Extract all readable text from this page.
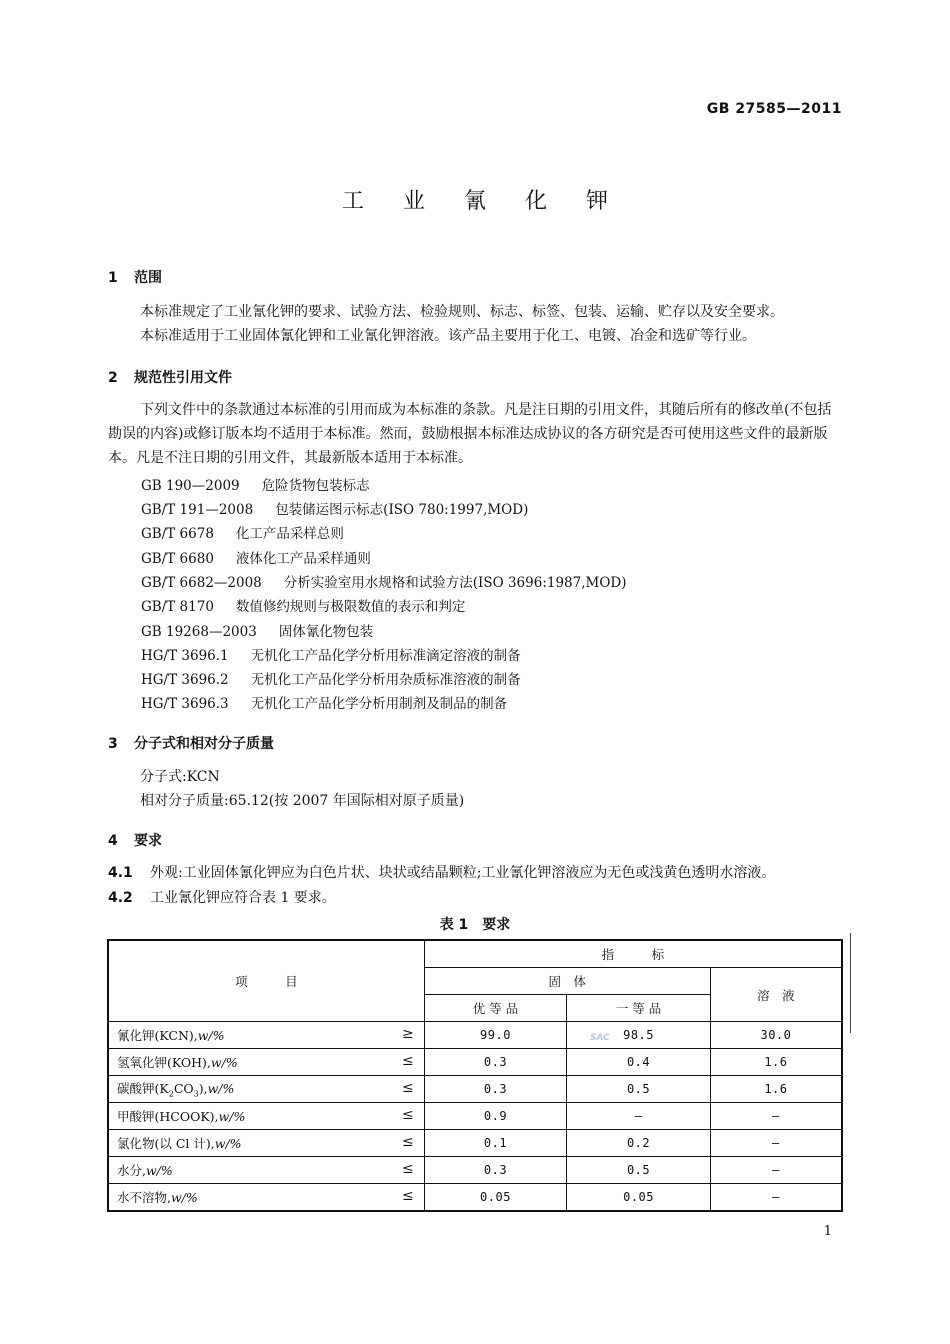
GB 27585—2011
工 业 氰 化 钾
1 范围
本标准规定了工业氰化钾的要求、试验方法、检验规则、标志、标签、包装、运输、贮存以及安全要求。
本标准适用于工业固体氰化钾和工业氰化钾溶液。该产品主要用于化工、电镀、冶金和选矿等行业。
2 规范性引用文件
下列文件中的条款通过本标准的引用而成为本标准的条款。凡是注日期的引用文件，其随后所有的修改单(不包括勘误的内容)或修订版本均不适用于本标准。然而，鼓励根据本标准达成协议的各方研究是否可使用这些文件的最新版本。凡是不注日期的引用文件，其最新版本适用于本标准。
GB 190—2009 危险货物包装标志
GB/T 191—2008 包装储运图示标志(ISO 780:1997,MOD)
GB/T 6678 化工产品采样总则
GB/T 6680 液体化工产品采样通则
GB/T 6682—2008 分析实验室用水规格和试验方法(ISO 3696:1987,MOD)
GB/T 8170 数值修约规则与极限数值的表示和判定
GB 19268—2003 固体氰化物包装
HG/T 3696.1 无机化工产品化学分析用标准滴定溶液的制备
HG/T 3696.2 无机化工产品化学分析用杂质标准溶液的制备
HG/T 3696.3 无机化工产品化学分析用制剂及制品的制备
3 分子式和相对分子质量
分子式:KCN
相对分子质量:65.12(按 2007 年国际相对原子质量)
4 要求
4.1 外观:工业固体氰化钾应为白色片状、块状或结晶颗粒;工业氰化钾溶液应为无色或浅黄色透明水溶液。
4.2 工业氰化钾应符合表 1 要求。
表 1　要求
项　　　目	指　　　标		
	固　体		溶　液
	优 等 品	一 等 品	
氰化钾(KCN),w/% ≥	99.0	98.5	30.0
氢氧化钾(KOH),w/% ≤	0.3	0.4	1.6
碳酸钾$(K_2CO_3),w/\%$ ≤	0.3	0.5	1.6
甲酸钾(HCOOK),w/% ≤	0.9	—	—
氯化物(以 Cl 计),w/% ≤	0.1	0.2	—
水分,w/% ≤	0.3	0.5	—
水不溶物,w/% ≤	0.05	0.05	—
SAC
1
